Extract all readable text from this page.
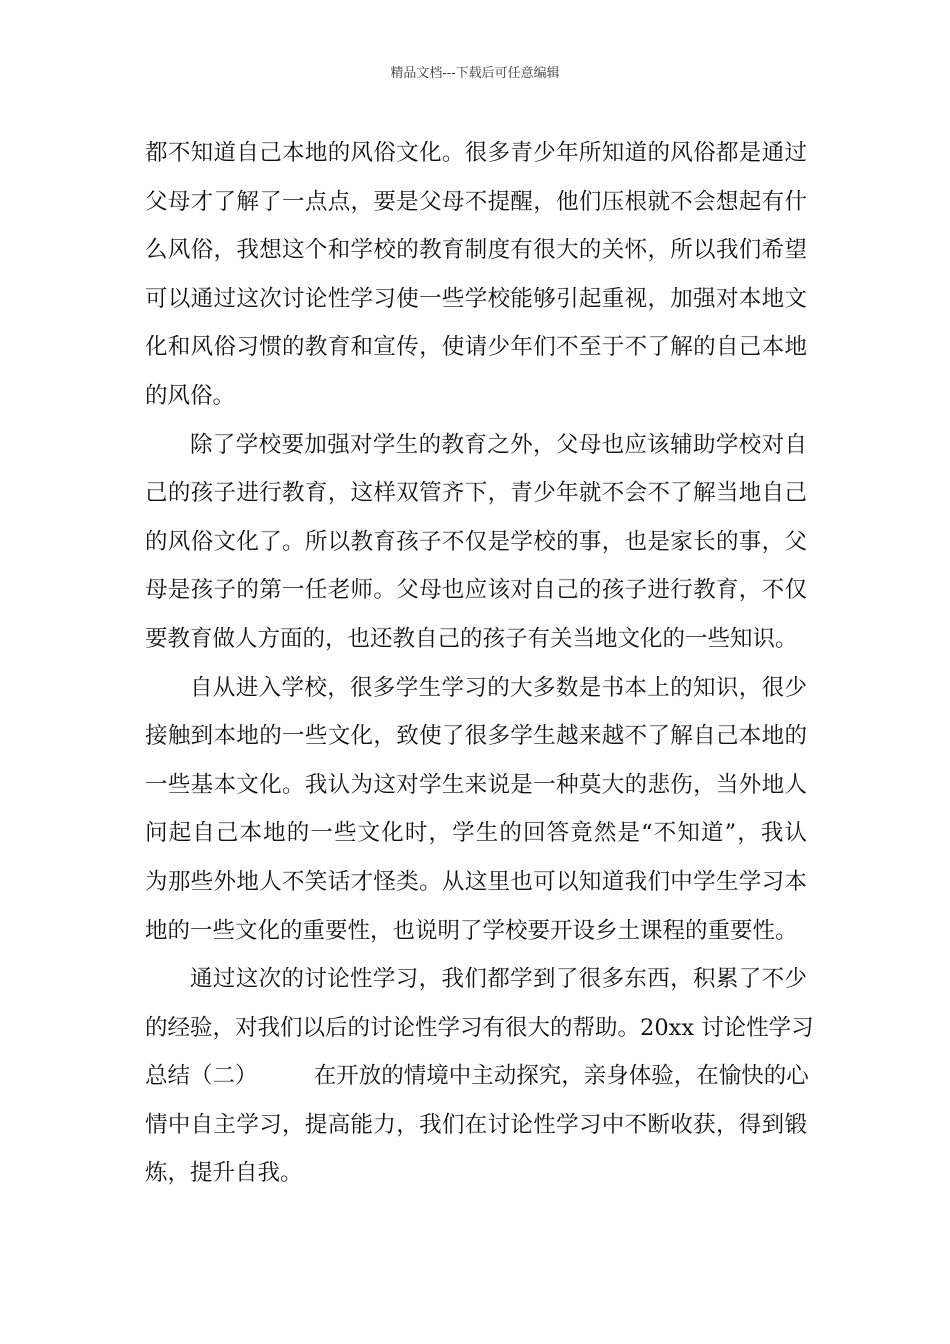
精品文档---下载后可任意编辑
都不知道自己本地的风俗文化。很多青少年所知道的风俗都是通过
父母才了解了一点点，要是父母不提醒，他们压根就不会想起有什
么风俗，我想这个和学校的教育制度有很大的关怀，所以我们希望
可以通过这次讨论性学习使一些学校能够引起重视，加强对本地文
化和风俗习惯的教育和宣传，使请少年们不至于不了解的自己本地
的风俗。
除了学校要加强对学生的教育之外，父母也应该辅助学校对自
己的孩子进行教育，这样双管齐下，青少年就不会不了解当地自己
的风俗文化了。所以教育孩子不仅是学校的事，也是家长的事，父
母是孩子的第一任老师。父母也应该对自己的孩子进行教育，不仅
要教育做人方面的，也还教自己的孩子有关当地文化的一些知识。
自从进入学校，很多学生学习的大多数是书本上的知识，很少
接触到本地的一些文化，致使了很多学生越来越不了解自己本地的
一些基本文化。我认为这对学生来说是一种莫大的悲伤，当外地人
问起自己本地的一些文化时，学生的回答竟然是“不知道”，我认
为那些外地人不笑话才怪类。从这里也可以知道我们中学生学习本
地的一些文化的重要性，也说明了学校要开设乡土课程的重要性。
通过这次的讨论性学习，我们都学到了很多东西，积累了不少
的经验，对我们以后的讨论性学习有很大的帮助。20xx 讨论性学习
总结（二）　　　在开放的情境中主动探究，亲身体验，在愉快的心
情中自主学习，提高能力，我们在讨论性学习中不断收获，得到锻
炼，提升自我。
